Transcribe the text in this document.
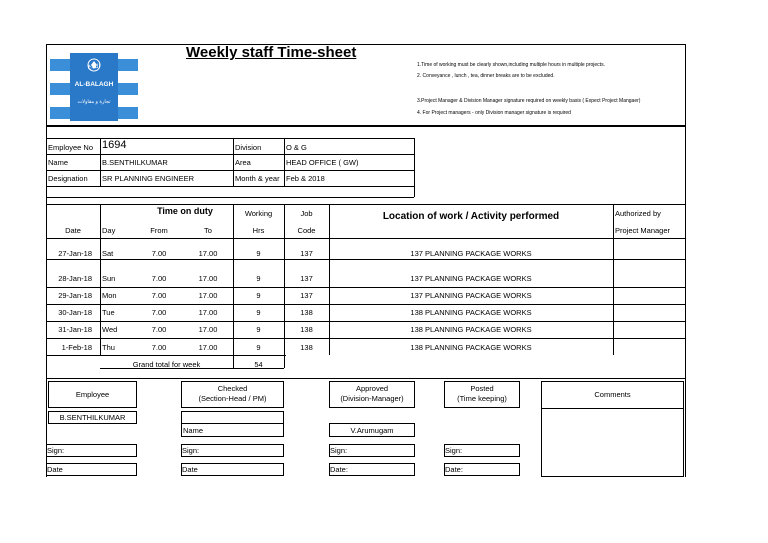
البلاغ
AL-BALAGH
تجارة و مقاولات
Weekly staff Time-sheet
1.Time of working must be clearly shown,including multiple hours in multiple projects.
2. Conveyance , lunch , tea, dinner breaks are to be excluded.
3.Project Manager & Division Manager signature required on weekly basis ( Expect Project Mangaer)
4. For Project managers - only Division manager signature is required
Employee No 1694
Name	B.SENTHILKUMAR
Designation SR PLANNING ENGINEER
Division	O & G
Area	HEAD OFFICE ( GW)
Month & year Feb & 2018
Time on duty	Working	Job	Location of work / Activity performed	Authorized by
Date	Day	From	To	Hrs	Code	Project Manager
27-Jan-18 Sat	7.00	17.00	9	137	137 PLANNING PACKAGE WORKS
28-Jan-18 Sun	7.00	17.00	9	137	137 PLANNING PACKAGE WORKS
29-Jan-18 Mon	7.00	17.00	9	137	137 PLANNING PACKAGE WORKS
30-Jan-18 Tue	7.00	17.00	9	138	138 PLANNING PACKAGE WORKS
31-Jan-18 Wed	7.00	17.00	9	138	138 PLANNING PACKAGE WORKS
1-Feb-18 Thu	7.00	17.00	9	138	138 PLANNING PACKAGE WORKS
Grand total for week	54
Employee
Checked
(Section-Head / PM)
Approved
(Division-Manager)
Posted
(Time keeping)	Comments
B.SENTHILKUMAR
Name	V.Arumugam
Sign:	Sign:	Sign:	Sign:
Date	Date	Date:	Date:
